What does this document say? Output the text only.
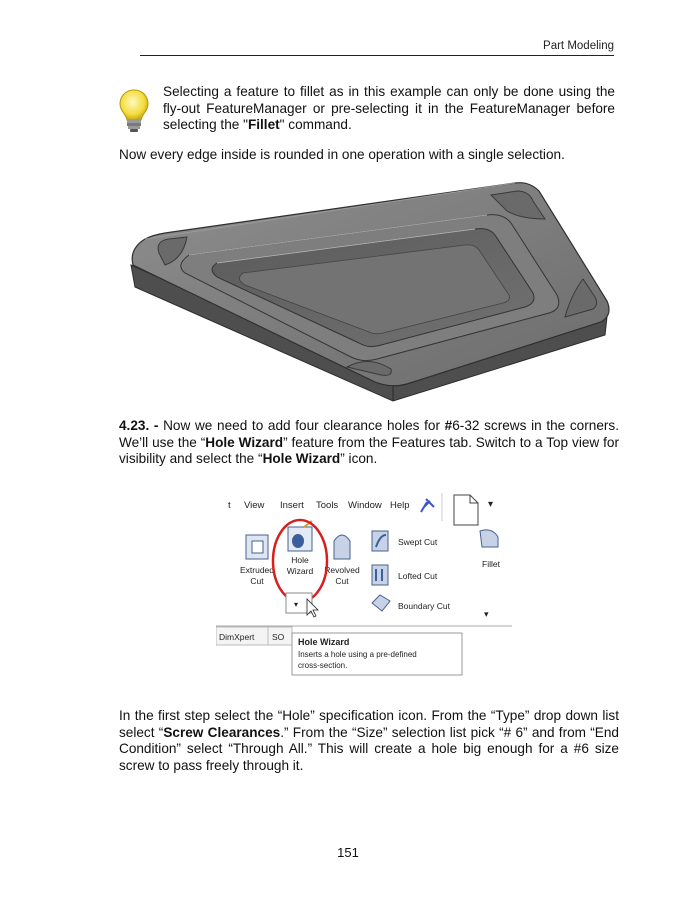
Part Modeling
Selecting a feature to fillet as in this example can only be done using the fly-out FeatureManager or pre-selecting it in the FeatureManager before selecting the "Fillet" command.
Now every edge inside is rounded in one operation with a single selection.
4.23. - Now we need to add four clearance holes for #6-32 screws in the corners. We’ll use the “Hole Wizard” feature from the Features tab. Switch to a Top view for visibility and select the “Hole Wizard” icon.
t View Insert Tools Window Help	▾
Extruded
Cut
Hole
Wizard Revolved
Cut
▾
Swept Cut
Lofted Cut
Boundary Cut
Fillet
▾
DimXpert SO Hole Wizard
Inserts a hole using a pre-defined
cross-section.
In the first step select the “Hole” specification icon. From the “Type” drop down list select “Screw Clearances.” From the “Size” selection list pick “# 6” and from “End Condition” select “Through All.” This will create a hole big enough for a #6 size screw to pass freely through it.
151
